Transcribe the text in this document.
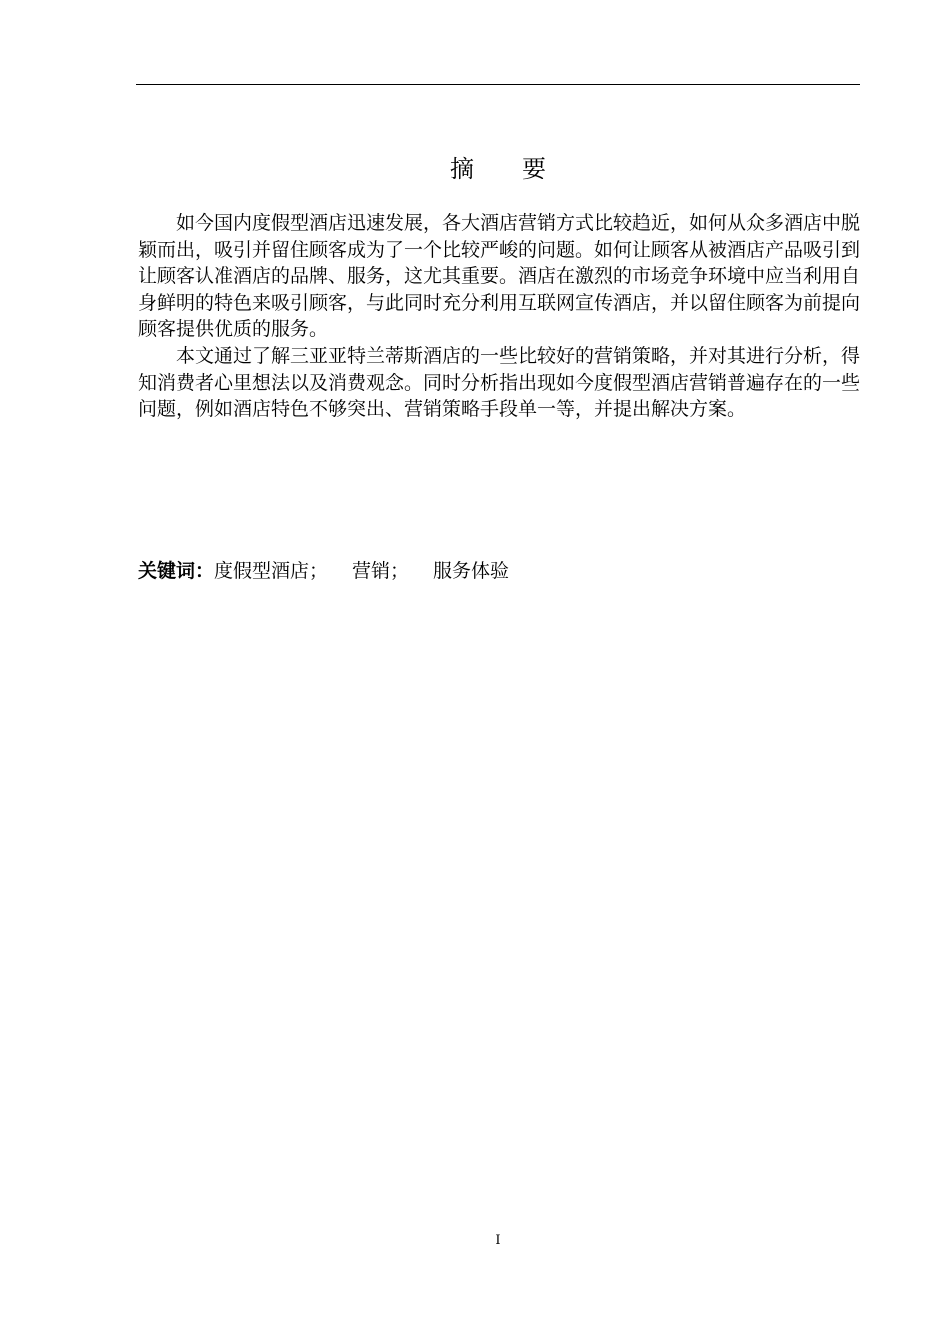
摘 要

如今国内度假型酒店迅速发展，各大酒店营销方式比较趋近，如何从众多酒店中脱颖而出，吸引并留住顾客成为了一个比较严峻的问题。如何让顾客从被酒店产品吸引到让顾客认准酒店的品牌、服务，这尤其重要。酒店在激烈的市场竞争环境中应当利用自身鲜明的特色来吸引顾客，与此同时充分利用互联网宣传酒店，并以留住顾客为前提向顾客提供优质的服务。

本文通过了解三亚亚特兰蒂斯酒店的一些比较好的营销策略，并对其进行分析，得知消费者心里想法以及消费观念。同时分析指出现如今度假型酒店营销普遍存在的一些问题，例如酒店特色不够突出、营销策略手段单一等，并提出解决方案。

关键词：度假型酒店； 营销； 服务体验
I
